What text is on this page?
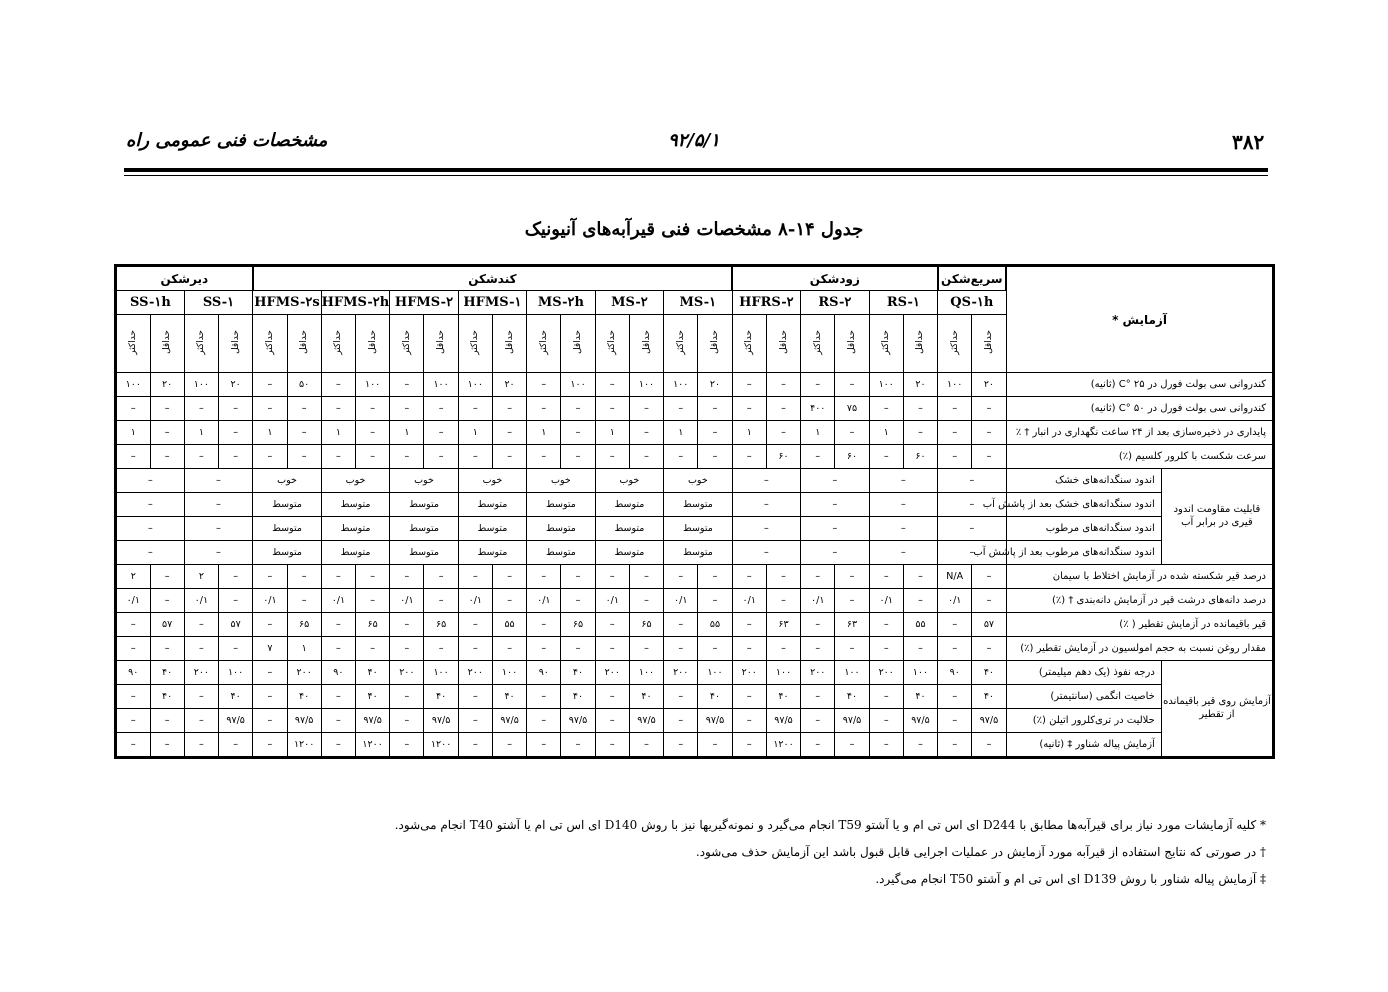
مشخصات فنی عمومی راه	۹۲/۵/۱	۳۸۲
جدول ۱۴-۸ مشخصات فنی قیرآبه‌های آنیونیک
آزمایش *		سریع‌شکن		زودشکن						کندشکن														دیرشکن			
		QS-۱h		RS-۱		RS-۲		HFRS-۲		MS-۱		MS-۲		MS-۲h		HFMS-۱		HFMS-۲		HFMS-۲h		HFMS-۲s		SS-۱		SS-۱h	
		حداقل	حداکثر	حداقل	حداکثر	حداقل	حداکثر	حداقل	حداکثر	حداقل	حداکثر	حداقل	حداکثر	حداقل	حداکثر	حداقل	حداکثر	حداقل	حداکثر	حداقل	حداکثر	حداقل	حداکثر	حداقل	حداکثر	حداقل	حداکثر
کندروانی سی بولت فورل در ۲۵ °C (ثانیه)		۲۰	۱۰۰	۲۰	۱۰۰	–	–	–	–	۲۰	۱۰۰	۱۰۰	–	۱۰۰	–	۲۰	۱۰۰	۱۰۰	–	۱۰۰	–	۵۰	–	۲۰	۱۰۰	۲۰	۱۰۰
کندروانی سی بولت فورل در ۵۰ °C (ثانیه)		–	–	–	–	۷۵	۴۰۰	–	–	–	–	–	–	–	–	–	–	–	–	–	–	–	–	–	–	–	–
پایداری در ذخیره‌سازی بعد از ۲۴ ساعت نگهداری در انبار † ٪		–	–	–	۱	–	۱	–	۱	–	۱	–	۱	–	۱	–	۱	–	۱	–	۱	–	۱	–	۱	–	۱
سرعت شکست با کلرور کلسیم (٪)		–	–	۶۰	–	۶۰	–	۶۰	–	–	–	–	–	–	–	–	–	–	–	–	–	–	–	–	–	–	–
قابلیت مقاومت اندود قیری در برابر آب	اندود سنگدانه‌های خشک	–		–		–		–		خوب		خوب		خوب		خوب		خوب		خوب		خوب		–		–	
	اندود سنگدانه‌های خشک بعد از پاشش آب	–		–		–		–		متوسط		متوسط		متوسط		متوسط		متوسط		متوسط		متوسط		–		–	
	اندود سنگدانه‌های مرطوب	–		–		–		–		متوسط		متوسط		متوسط		متوسط		متوسط		متوسط		متوسط		–		–	
	اندود سنگدانه‌های مرطوب بعد از پاشش آب	–		–		–		–		متوسط		متوسط		متوسط		متوسط		متوسط		متوسط		متوسط		–		–	
درصد قیر شکسته شده در آزمایش اختلاط با سیمان		–	N/A	–	–	–	–	–	–	–	–	–	–	–	–	–	–	–	–	–	–	–	–	–	۲	–	۲
درصد دانه‌های درشت قیر در آزمایش دانه‌بندی † (٪)		–	۰/۱	–	۰/۱	–	۰/۱	–	۰/۱	–	۰/۱	–	۰/۱	–	۰/۱	–	۰/۱	–	۰/۱	–	۰/۱	–	۰/۱	–	۰/۱	–	۰/۱
قیر باقیمانده در آزمایش تقطیر ( ٪)		۵۷	–	۵۵	–	۶۳	–	۶۳	–	۵۵	–	۶۵	–	۶۵	–	۵۵	–	۶۵	–	۶۵	–	۶۵	–	۵۷	–	۵۷	–
مقدار روغن نسبت به حجم امولسیون در آزمایش تقطیر (٪)		–	–	–	–	–	–	–	–	–	–	–	–	–	–	–	–	–	–	–	–	۱	۷	–	–	–	–
آزمایش روی قیر باقیمانده از تقطیر	درجه نفوذ (یک دهم میلیمتر)	۴۰	۹۰	۱۰۰	۲۰۰	۱۰۰	۲۰۰	۱۰۰	۲۰۰	۱۰۰	۲۰۰	۱۰۰	۲۰۰	۴۰	۹۰	۱۰۰	۲۰۰	۱۰۰	۲۰۰	۴۰	۹۰	۲۰۰	–	۱۰۰	۲۰۰	۴۰	۹۰
	خاصیت انگمی (سانتیمتر)	۴۰	–	۴۰	–	۴۰	–	۴۰	–	۴۰	–	۴۰	–	۴۰	–	۴۰	–	۴۰	–	۴۰	–	۴۰	–	۴۰	–	۴۰	–
	حلالیت در تری‌کلرور اتیلن (٪)	۹۷/۵	–	۹۷/۵	–	۹۷/۵	–	۹۷/۵	–	۹۷/۵	–	۹۷/۵	–	۹۷/۵	–	۹۷/۵	–	۹۷/۵	–	۹۷/۵	–	۹۷/۵	–	۹۷/۵	–	–	–
	آزمایش پیاله شناور ‡ (ثانیه)	–	–	–	–	–	–	۱۲۰۰	–	–	–	–	–	–	–	–	–	۱۲۰۰	–	۱۲۰۰	–	۱۲۰۰	–	–	–	–	–
* کلیه آزمایشات مورد نیاز برای قیرآبه‌ها مطابق با D244 ای اس تی ام و یا آشتو T59 انجام می‌گیرد و نمونه‌گیریها نیز با روش D140 ای اس تی ام یا آشتو T40 انجام می‌شود.
† در صورتی که نتایج استفاده از قیرآبه مورد آزمایش در عملیات اجرایی قابل قبول باشد این آزمایش حذف می‌شود.
‡ آزمایش پیاله شناور با روش D139 ای اس تی ام و آشتو T50 انجام می‌گیرد.
